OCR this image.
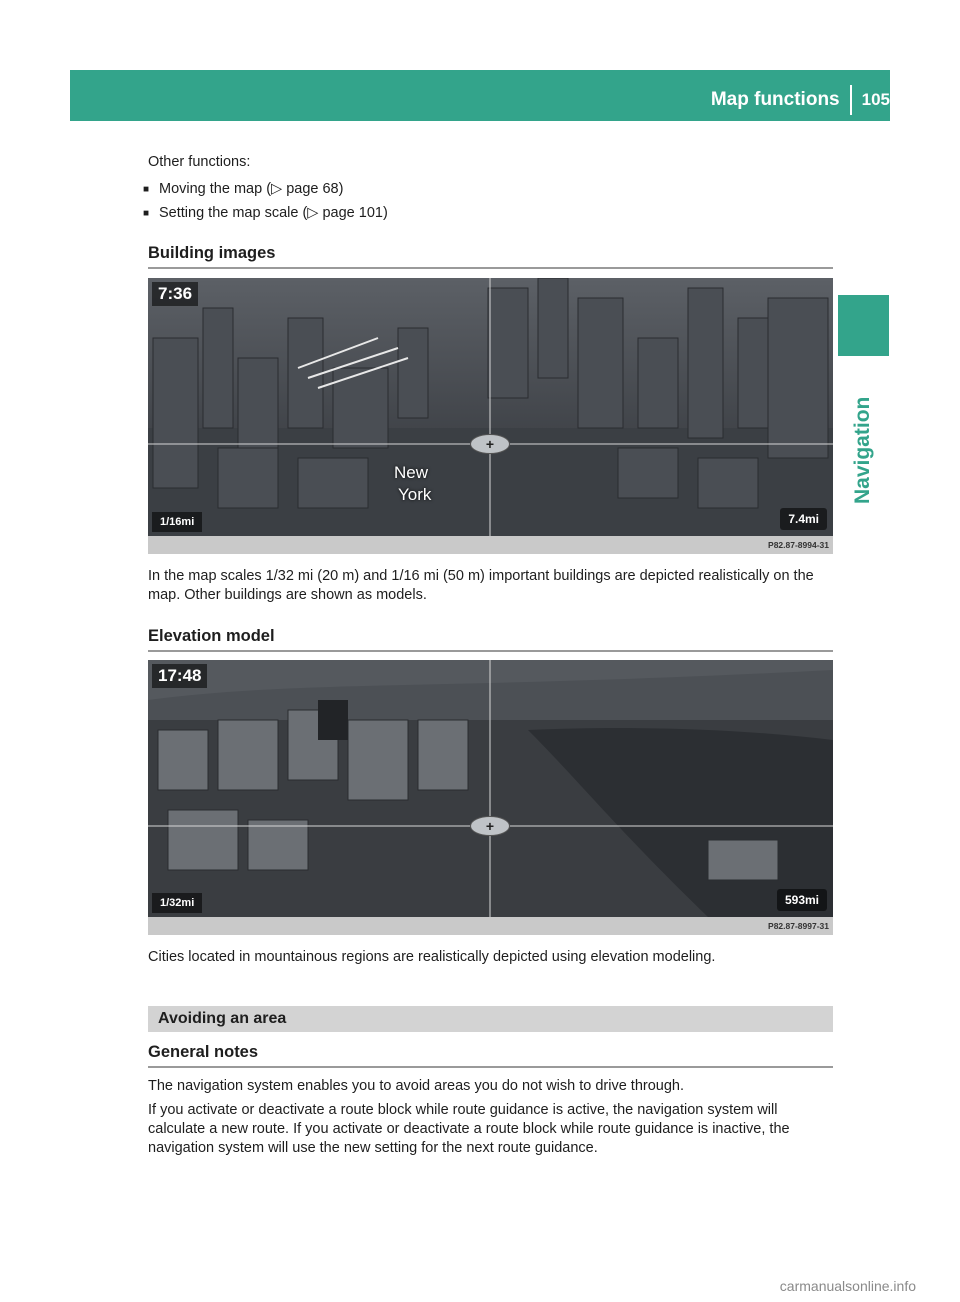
Map functions	105
Navigation

Other functions:

■ Moving the map (▷ page 68)
■ Setting the map scale (▷ page 101)
Building images
7:36
New
York
+
1/16mi	7.4mi
P82.87-8994-31

In the map scales 1/32 mi (20 m) and 1/16 mi (50 m) important buildings are depicted realistically on the map. Other buildings are shown as models.

Elevation model
17:48
+
1/32mi	593mi
P82.87-8997-31

Cities located in mountainous regions are realistically depicted using elevation modeling.

Avoiding an area
General notes

The navigation system enables you to avoid areas you do not wish to drive through.

If you activate or deactivate a route block while route guidance is active, the navigation system will calculate a new route. If you activate or deactivate a route block while route guidance is inactive, the navigation system will use the new setting for the next route guidance.

carmanualsonline.info
